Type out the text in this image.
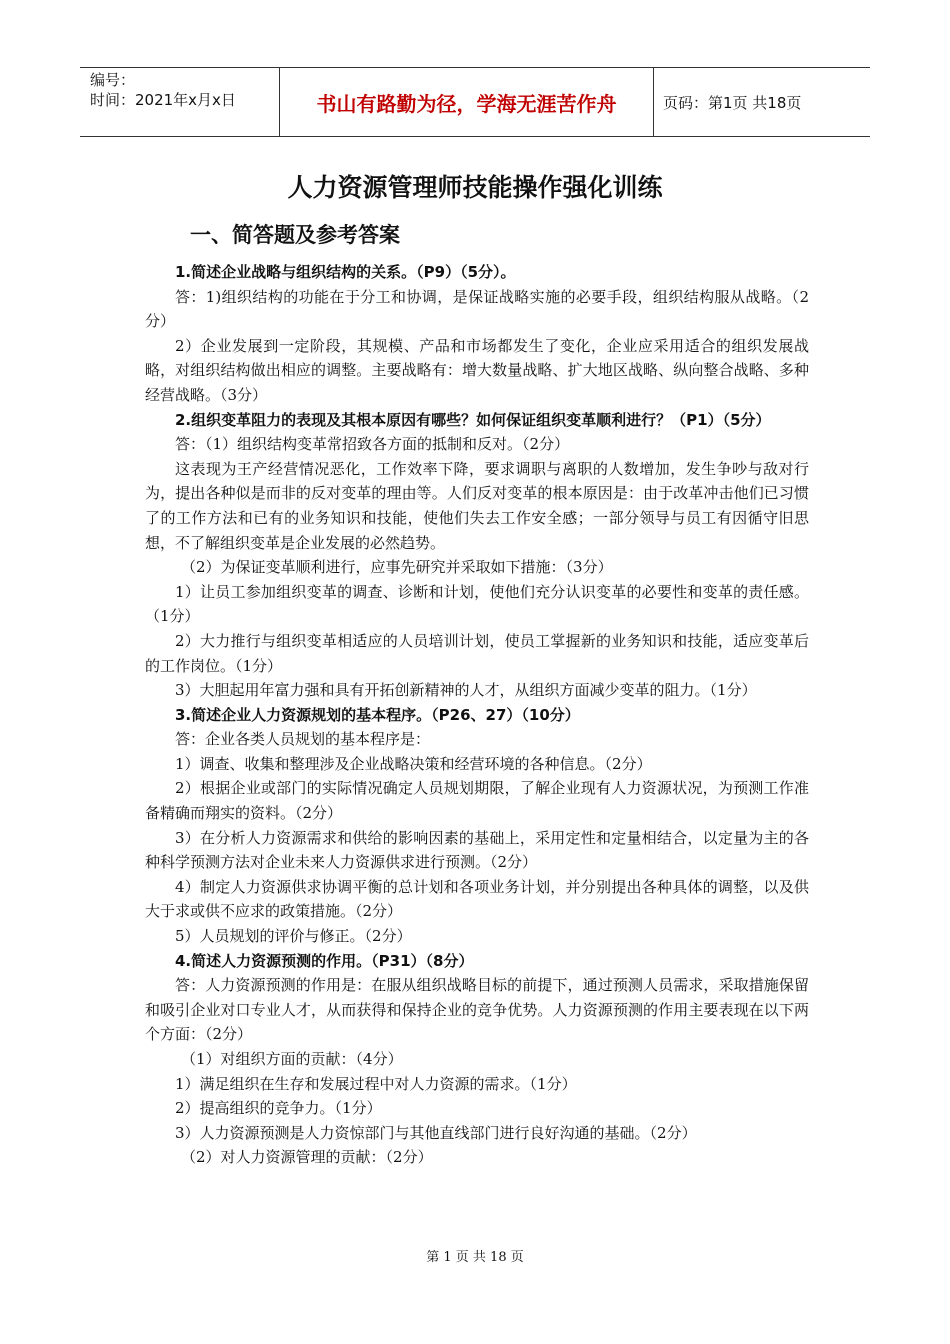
编号：
时间：2021年x月x日	书山有路勤为径，学海无涯苦作舟	页码：第1页 共18页
人力资源管理师技能操作强化训练
一、简答题及参考答案

1.简述企业战略与组织结构的关系。（P9）（5分）。

答：1)组织结构的功能在于分工和协调，是保证战略实施的必要手段，组织结构服从战略。（2分）

2）企业发展到一定阶段，其规模、产品和市场都发生了变化，企业应采用适合的组织发展战略，对组织结构做出相应的调整。主要战略有：增大数量战略、扩大地区战略、纵向整合战略、多种经营战略。（3分）

2.组织变革阻力的表现及其根本原因有哪些？如何保证组织变革顺利进行？（P1）（5分）

答：（1）组织结构变革常招致各方面的抵制和反对。（2分）

这表现为王产经营情况恶化，工作效率下降，要求调职与离职的人数增加，发生争吵与敌对行为，提出各种似是而非的反对变革的理由等。人们反对变革的根本原因是：由于改革冲击他们已习惯了的工作方法和已有的业务知识和技能，使他们失去工作安全感；一部分领导与员工有因循守旧思想，不了解组织变革是企业发展的必然趋势。

（2）为保证变革顺利进行，应事先研究并采取如下措施：（3分）

1）让员工参加组织变革的调查、诊断和计划，使他们充分认识变革的必要性和变革的责任感。（1分）

2）大力推行与组织变革相适应的人员培训计划，使员工掌握新的业务知识和技能，适应变革后的工作岗位。（1分）

3）大胆起用年富力强和具有开拓创新精神的人才，从组织方面减少变革的阻力。（1分）

3.简述企业人力资源规划的基本程序。（P26、27）（10分）

答：企业各类人员规划的基本程序是：

1）调查、收集和整理涉及企业战略决策和经营环境的各种信息。（2分）

2）根据企业或部门的实际情况确定人员规划期限，了解企业现有人力资源状况，为预测工作准备精确而翔实的资料。（2分）

3）在分析人力资源需求和供给的影响因素的基础上，采用定性和定量相结合，以定量为主的各种科学预测方法对企业未来人力资源供求进行预测。（2分）

4）制定人力资源供求协调平衡的总计划和各项业务计划，并分别提出各种具体的调整，以及供大于求或供不应求的政策措施。（2分）

5）人员规划的评价与修正。（2分）

4.简述人力资源预测的作用。（P31）（8分）

答：人力资源预测的作用是：在服从组织战略目标的前提下，通过预测人员需求，采取措施保留和吸引企业对口专业人才，从而获得和保持企业的竞争优势。人力资源预测的作用主要表现在以下两个方面：（2分）

（1）对组织方面的贡献：（4分）

1）满足组织在生存和发展过程中对人力资源的需求。（1分）

2）提高组织的竞争力。（1分）

3）人力资源预测是人力资惊部门与其他直线部门进行良好沟通的基础。（2分）

（2）对人力资源管理的贡献：（2分）

第 1 页 共 18 页
